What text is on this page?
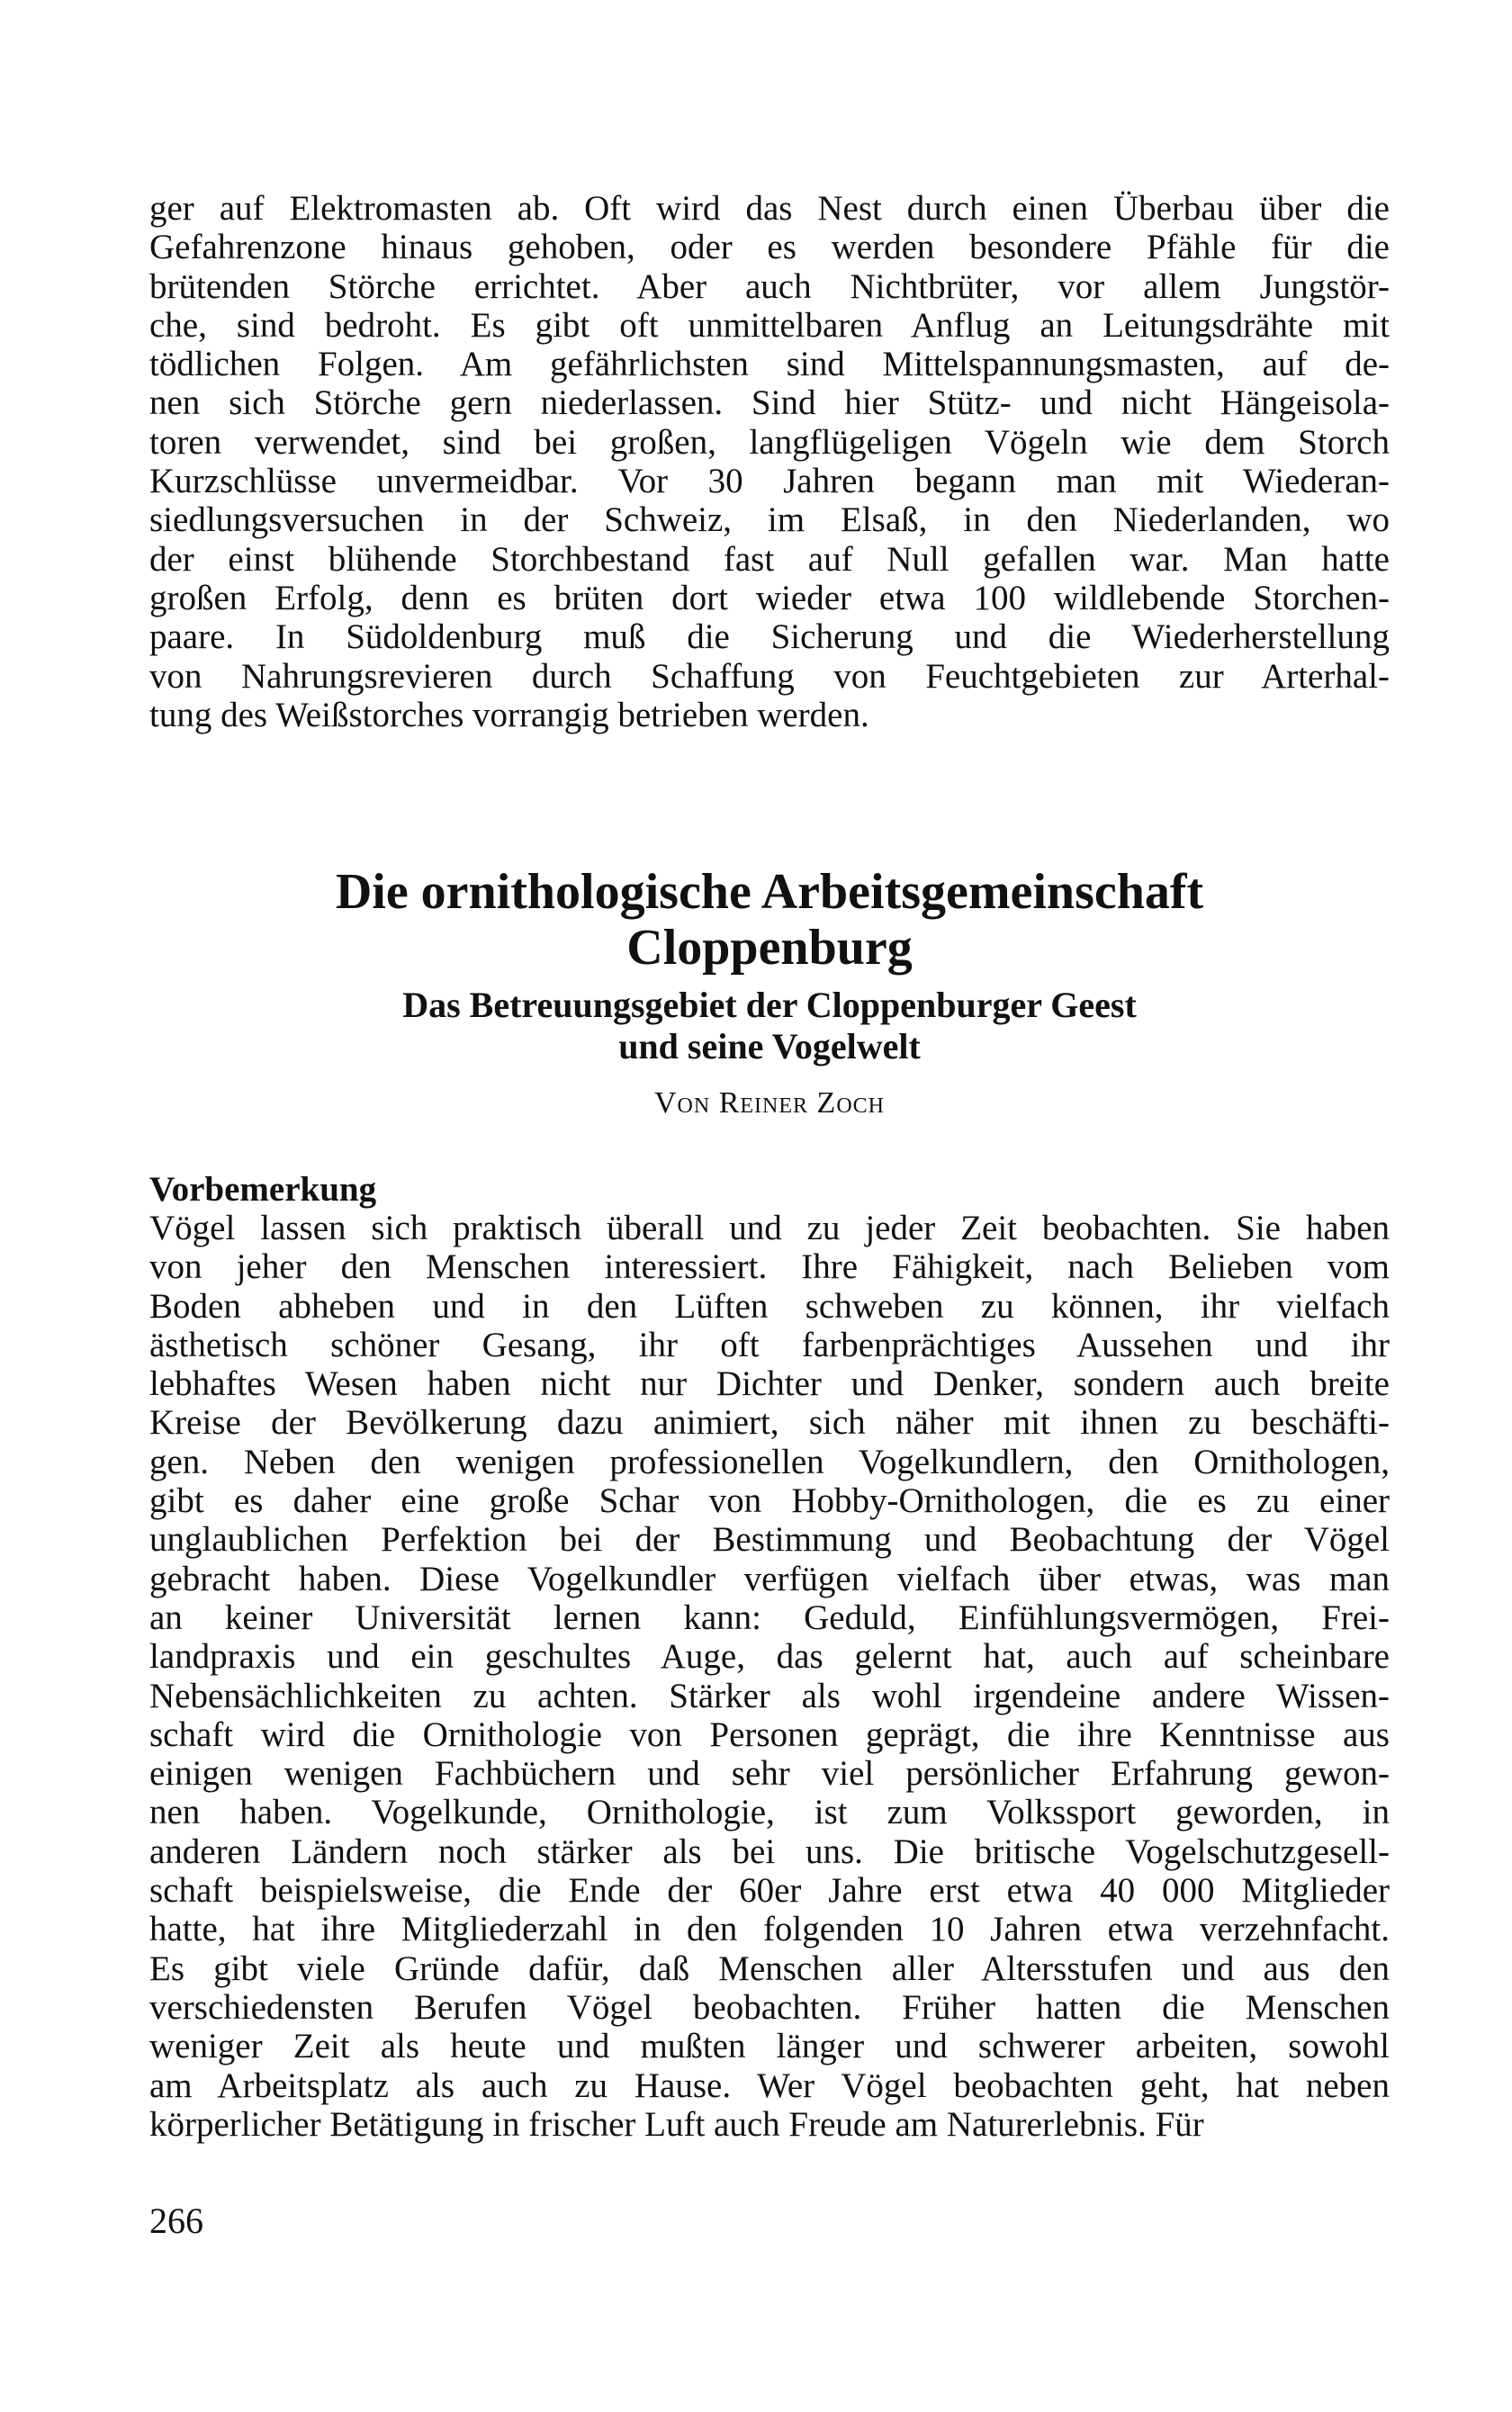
ger auf Elektromasten ab. Oft wird das Nest durch einen Überbau über die
Gefahrenzone hinaus gehoben, oder es werden besondere Pfähle für die
brütenden Störche errichtet. Aber auch Nichtbrüter, vor allem Jungstör-
che, sind bedroht. Es gibt oft unmittelbaren Anflug an Leitungsdrähte mit
tödlichen Folgen. Am gefährlichsten sind Mittelspannungsmasten, auf de-
nen sich Störche gern niederlassen. Sind hier Stütz- und nicht Hängeisola-
toren verwendet, sind bei großen, langflügeligen Vögeln wie dem Storch
Kurzschlüsse unvermeidbar. Vor 30 Jahren begann man mit Wiederan-
siedlungsversuchen in der Schweiz, im Elsaß, in den Niederlanden, wo
der einst blühende Storchbestand fast auf Null gefallen war. Man hatte
großen Erfolg, denn es brüten dort wieder etwa 100 wildlebende Storchen-
paare. In Südoldenburg muß die Sicherung und die Wiederherstellung
von Nahrungsrevieren durch Schaffung von Feuchtgebieten zur Arterhal-
tung des Weißstorches vorrangig betrieben werden.

Die ornithologische Arbeitsgemeinschaft
Cloppenburg
Das Betreuungsgebiet der Cloppenburger Geest
und seine Vogelwelt
Von Reiner Zoch
Vorbemerkung

Vögel lassen sich praktisch überall und zu jeder Zeit beobachten. Sie haben
von jeher den Menschen interessiert. Ihre Fähigkeit, nach Belieben vom
Boden abheben und in den Lüften schweben zu können, ihr vielfach
ästhetisch schöner Gesang, ihr oft farbenprächtiges Aussehen und ihr
lebhaftes Wesen haben nicht nur Dichter und Denker, sondern auch breite
Kreise der Bevölkerung dazu animiert, sich näher mit ihnen zu beschäfti-
gen. Neben den wenigen professionellen Vogelkundlern, den Ornithologen,
gibt es daher eine große Schar von Hobby-Ornithologen, die es zu einer
unglaublichen Perfektion bei der Bestimmung und Beobachtung der Vögel
gebracht haben. Diese Vogelkundler verfügen vielfach über etwas, was man
an keiner Universität lernen kann: Geduld, Einfühlungsvermögen, Frei-
landpraxis und ein geschultes Auge, das gelernt hat, auch auf scheinbare
Nebensächlichkeiten zu achten. Stärker als wohl irgendeine andere Wissen-
schaft wird die Ornithologie von Personen geprägt, die ihre Kenntnisse aus
einigen wenigen Fachbüchern und sehr viel persönlicher Erfahrung gewon-
nen haben. Vogelkunde, Ornithologie, ist zum Volkssport geworden, in
anderen Ländern noch stärker als bei uns. Die britische Vogelschutzgesell-
schaft beispielsweise, die Ende der 60er Jahre erst etwa 40 000 Mitglieder
hatte, hat ihre Mitgliederzahl in den folgenden 10 Jahren etwa verzehnfacht.
Es gibt viele Gründe dafür, daß Menschen aller Altersstufen und aus den
verschiedensten Berufen Vögel beobachten. Früher hatten die Menschen
weniger Zeit als heute und mußten länger und schwerer arbeiten, sowohl
am Arbeitsplatz als auch zu Hause. Wer Vögel beobachten geht, hat neben
körperlicher Betätigung in frischer Luft auch Freude am Naturerlebnis. Für

266
